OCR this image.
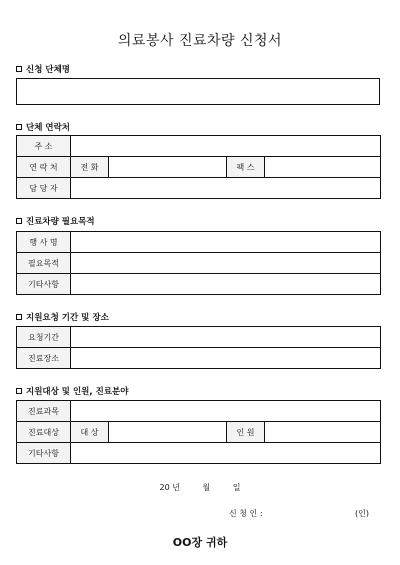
의료봉사 진료차량 신청서
신청 단체명
단체 연락처
주 소				
연 락 처	전 화		팩 스	
담 당 자				
진료차량 필요목적
행 사 명	
필요목적	
기타사항	
지원요청 기간 및 장소
요청기간	
진료장소	
지원대상 및 인원, 진료분야
진료과목				
진료대상	대 상		인 원	
기타사항				
20 년	월	일
신 청 인 :	(인)
OO장 귀하
